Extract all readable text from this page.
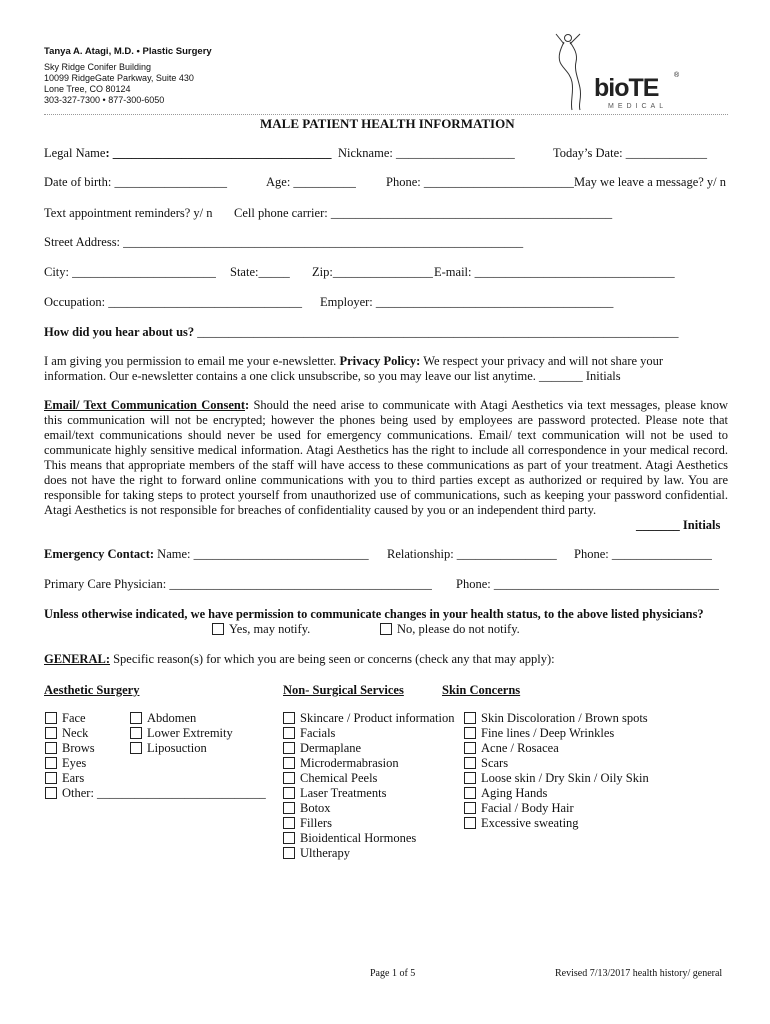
Tanya A. Atagi, M.D. • Plastic Surgery
Sky Ridge Conifer Building
10099 RidgeGate Parkway, Suite 430
Lone Tree, CO 80124
303-327-7300 • 877-300-6050	bioTE ®
MEDICAL
MALE PATIENT HEALTH INFORMATION
Legal Name: ___________________________________ Nickname: ___________________	Today’s Date: _____________
Date of birth: __________________	Age: __________ Phone: ________________________ May we leave a message? y/ n
Text appointment reminders? y/ n Cell phone carrier: _____________________________________________
Street Address: ________________________________________________________________
City: _______________________ State:_____ Zip:________________ E-mail: ________________________________
Occupation: _______________________________ Employer: ______________________________________
How did you hear about us? _____________________________________________________________________________
I am giving you permission to email me your e-newsletter. Privacy Policy: We respect your privacy and will not share your
information. Our e-newsletter contains a one click unsubscribe, so you may leave our list anytime. _______ Initials
Email/ Text Communication Consent: Should the need arise to communicate with Atagi Aesthetics via text messages, please know this communication will not be encrypted; however the phones being used by employees are password protected. Please note that email/text communications should never be used for emergency communications. Email/ text communication will not be used to communicate highly sensitive medical information. Atagi Aesthetics has the right to include all correspondence in your medical record. This means that appropriate members of the staff will have access to these communications as part of your treatment. Atagi Aesthetics does not have the right to forward online communications with you to third parties except as authorized or required by law. You are responsible for taking steps to protect yourself from unauthorized use of communications, such as keeping your password confidential. Atagi Aesthetics is not responsible for breaches of confidentiality caused by you or an independent third party.
_______ Initials
Emergency Contact: Name: ____________________________ Relationship: ________________ Phone: ________________
Primary Care Physician: __________________________________________ Phone: ____________________________________
Unless otherwise indicated, we have permission to communicate changes in your health status, to the above listed physicians?
Yes, may notify.	No, please do not notify.
GENERAL: Specific reason(s) for which you are being seen or concerns (check any that may apply):
Aesthetic Surgery	Non- Surgical Services	Skin Concerns
Face
Neck
Brows
Eyes
Ears
Other: ___________________________
Abdomen
Lower Extremity
Liposuction
Skincare / Product information
Facials
Dermaplane
Microdermabrasion
Chemical Peels
Laser Treatments
Botox
Fillers
Bioidentical Hormones
Ultherapy
Skin Discoloration / Brown spots
Fine lines / Deep Wrinkles
Acne / Rosacea
Scars
Loose skin / Dry Skin / Oily Skin
Aging Hands
Facial / Body Hair
Excessive sweating
Page 1 of 5	Revised 7/13/2017 health history/ general
